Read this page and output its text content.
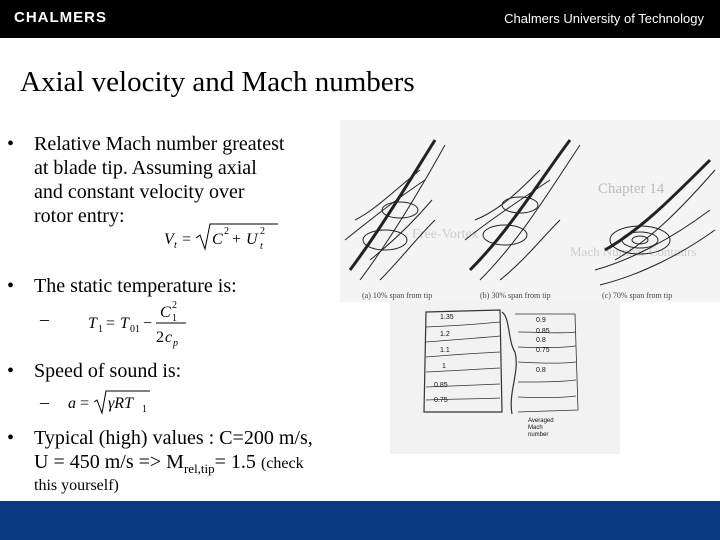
CHALMERS	Chalmers University of Technology
Axial velocity and Mach numbers
• Relative Mach number greatest
at blade tip. Assuming axial
and constant velocity over
rotor entry:
V t = C 2 + U 2
t
• The static temperature is:
– T 1 = T 01 −
C 2
1
2 c p
• Speed of sound is:
– a = γRT 1
• Typical (high) values : C=200 m/s,
U = 450 $m/s => M_{rel,tip}= 1.5$ (check
this yourself)
Chapter 14
Free-Vortex
Mach Number Contours
(a) 10% span from tip	(b) 30% span from tip	(c) 70% span from tip
1.35
1.2
1.1
1
0.85
0.75
0.9
0.85
0.8
0.75
0.8
Averaged
Mach
number
